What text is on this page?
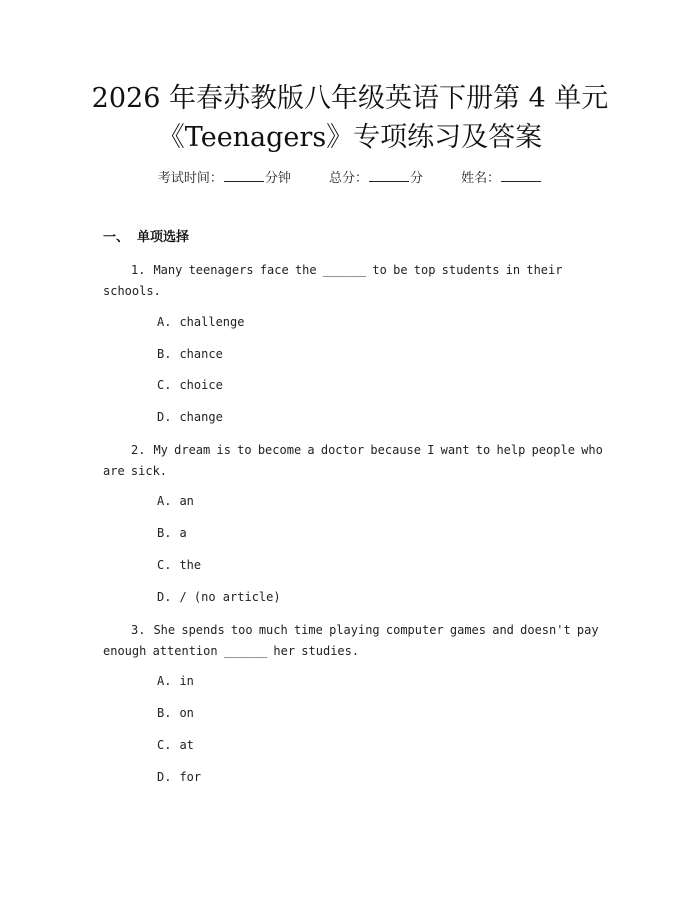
2026 年春苏教版八年级英语下册第 4 单元
《Teenagers》专项练习及答案
考试时间：	分钟	总分：	分	姓名：
一、 单项选择
1. Many teenagers face the ______ to be top students in their schools.
A. challenge
B. chance
C. choice
D. change
2. My dream is to become a doctor because I want to help people who are sick.
A. an
B. a
C. the
D. / (no article)
3. She spends too much time playing computer games and doesn't pay enough attention ______ her studies.
A. in
B. on
C. at
D. for
